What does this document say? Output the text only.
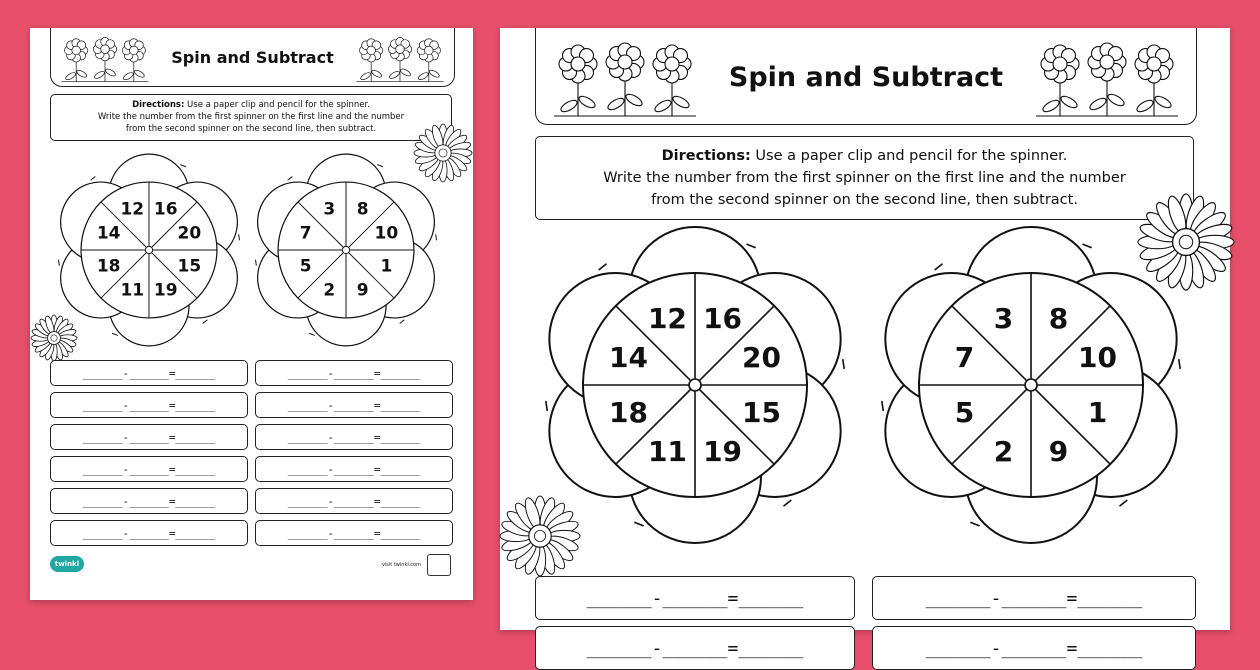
Spin and Subtract
Directions: Use a paper clip and pencil for the spinner.
Write the number from the first spinner on the first line and the number
from the second spinner on the second line, then subtract.
16
20
15
19
11
18
14
12	8
10
1
9
2
5
7
3
______-______=______	______-______=______
______-______=______	______-______=______
______-______=______	______-______=______
______-______=______	______-______=______
______-______=______	______-______=______
______-______=______	______-______=______
twinkl	visit twinkl.com
Spin and Subtract
Directions: Use a paper clip and pencil for the spinner.
Write the number from the first spinner on the first line and the number
from the second spinner on the second line, then subtract.
16
20
15
19
11
18
14
12	8
10
1
9
2
5
7
3
______-______=______	______-______=______
______-______=______	______-______=______
